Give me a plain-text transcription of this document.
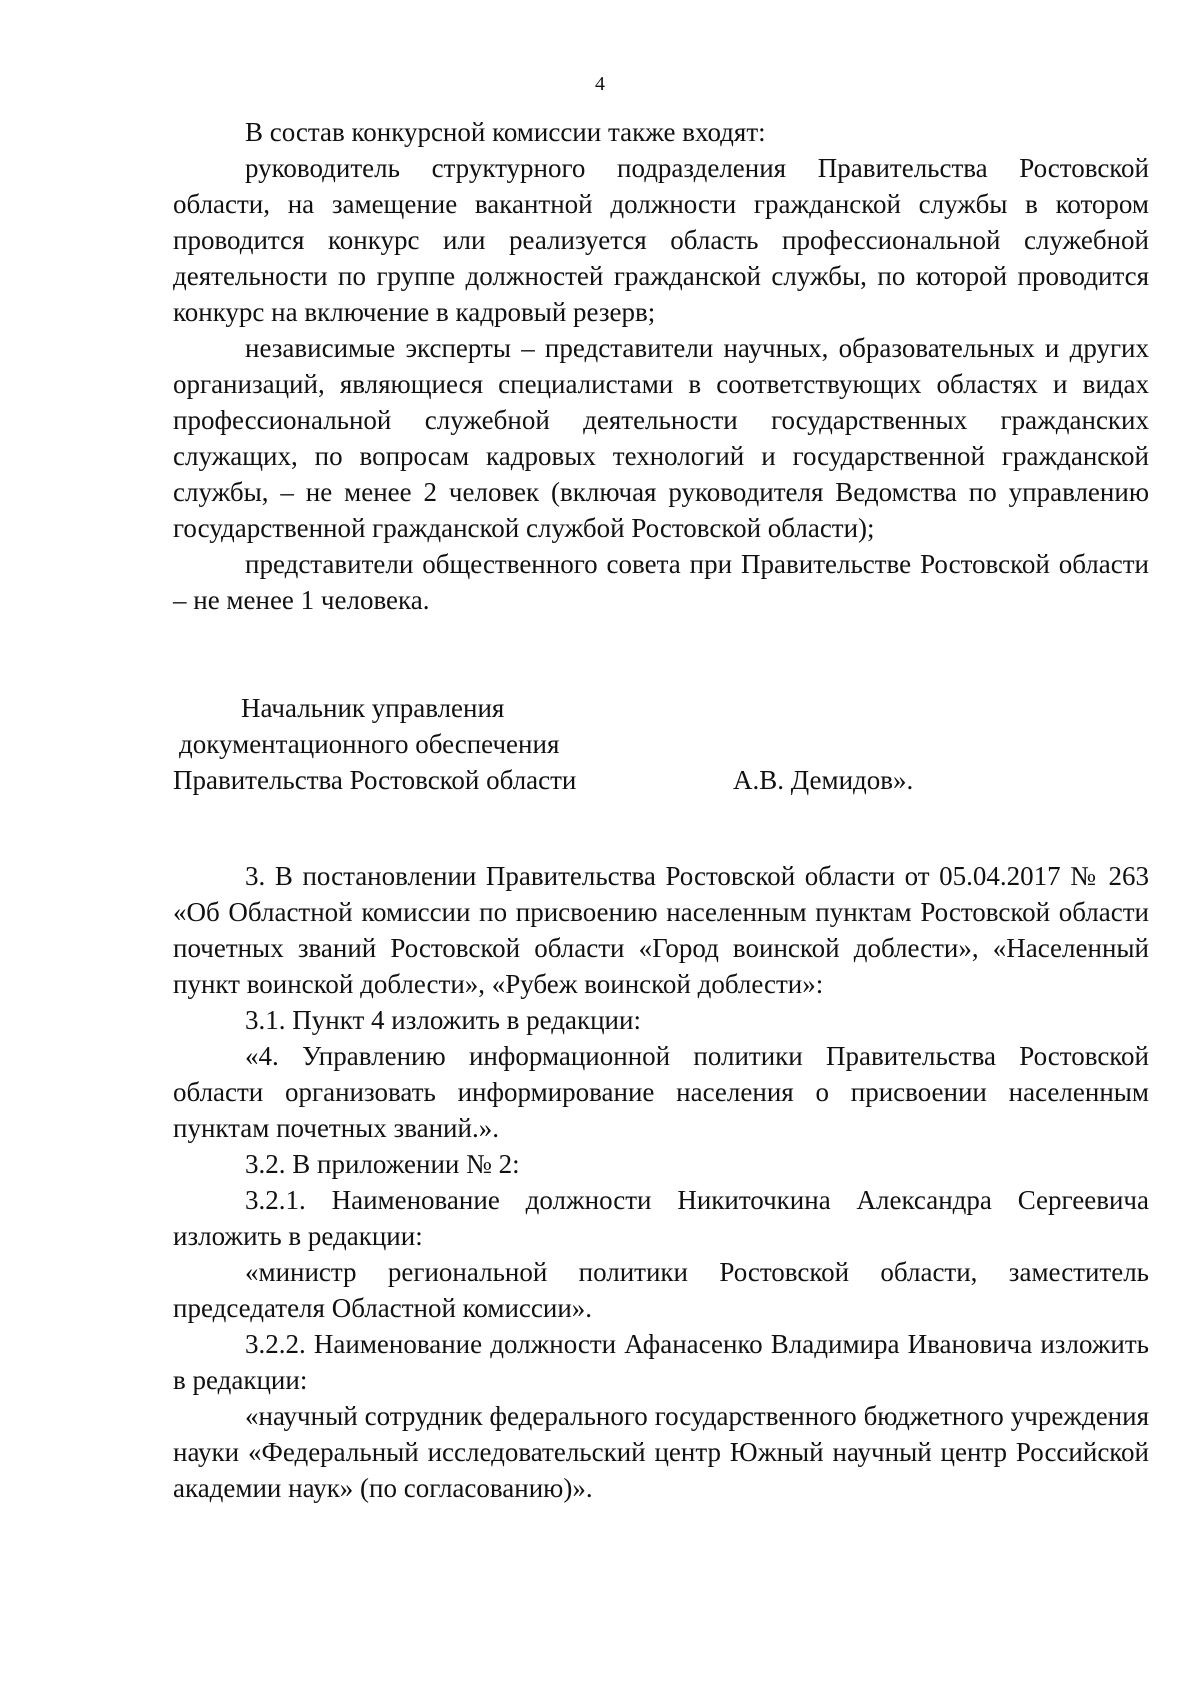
4

В состав конкурсной комиссии также входят:

руководитель структурного подразделения Правительства Ростовской области, на замещение вакантной должности гражданской службы в котором проводится конкурс или реализуется область профессиональной служебной деятельности по группе должностей гражданской службы, по которой проводится конкурс на включение в кадровый резерв;

независимые эксперты – представители научных, образовательных и других организаций, являющиеся специалистами в соответствующих областях и видах профессиональной служебной деятельности государственных гражданских служащих, по вопросам кадровых технологий и государственной гражданской службы, – не менее 2 человек (включая руководителя Ведомства по управлению государственной гражданской службой Ростовской области);

представители общественного совета при Правительстве Ростовской области – не менее 1 человека.

Начальник управления
документационного обеспечения
Правительства Ростовской области	А.В. Демидов».

3. В постановлении Правительства Ростовской области от 05.04.2017 № 263 «Об Областной комиссии по присвоению населенным пунктам Ростовской области почетных званий Ростовской области «Город воинской доблести», «Населенный пункт воинской доблести», «Рубеж воинской доблести»:

3.1. Пункт 4 изложить в редакции:

«4. Управлению информационной политики Правительства Ростовской области организовать информирование населения о присвоении населенным пунктам почетных званий.».

3.2. В приложении № 2:

3.2.1. Наименование должности Никиточкина Александра Сергеевича изложить в редакции:

«министр региональной политики Ростовской области, заместитель председателя Областной комиссии».

3.2.2. Наименование должности Афанасенко Владимира Ивановича изложить в редакции:

«научный сотрудник федерального государственного бюджетного учреждения науки «Федеральный исследовательский центр Южный научный центр Российской академии наук» (по согласованию)».
